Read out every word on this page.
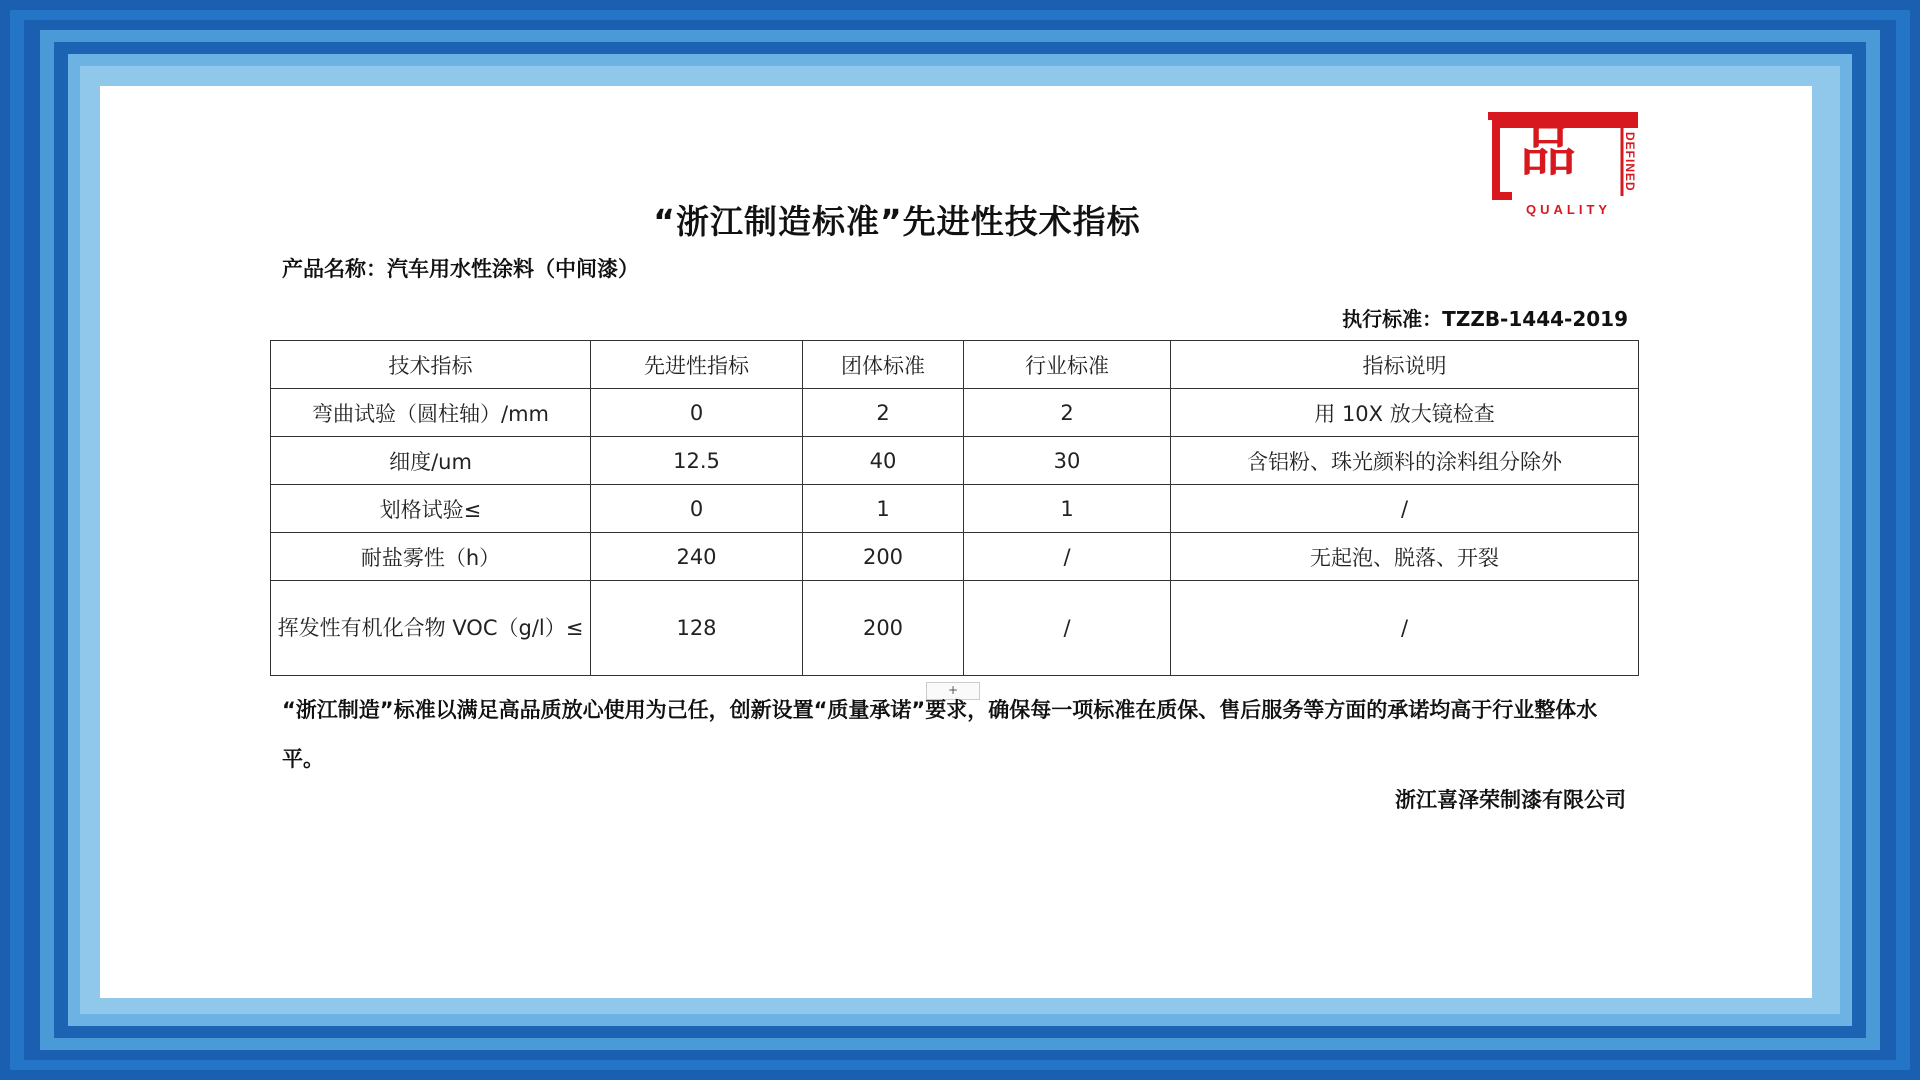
品	DEFINED
QUALITY
“浙江制造标准”先进性技术指标
产品名称：汽车用水性涂料（中间漆）
执行标准：TZZB-1444-2019
技术指标	先进性指标	团体标准	行业标准	指标说明
弯曲试验（圆柱轴）/mm	0	2	2	用 10X 放大镜检查
细度/um	12.5	40	30	含铝粉、珠光颜料的涂料组分除外
划格试验≤	0	1	1	/
耐盐雾性（h）	240	200	/	无起泡、脱落、开裂
挥发性有机化合物 VOC（g/l）≤	128	200	/	/
+
“浙江制造”标准以满足高品质放心使用为己任，创新设置“质量承诺”要求，确保每一项标准在质保、售后服务等方面的承诺均高于行业整体水平。
浙江喜泽荣制漆有限公司
